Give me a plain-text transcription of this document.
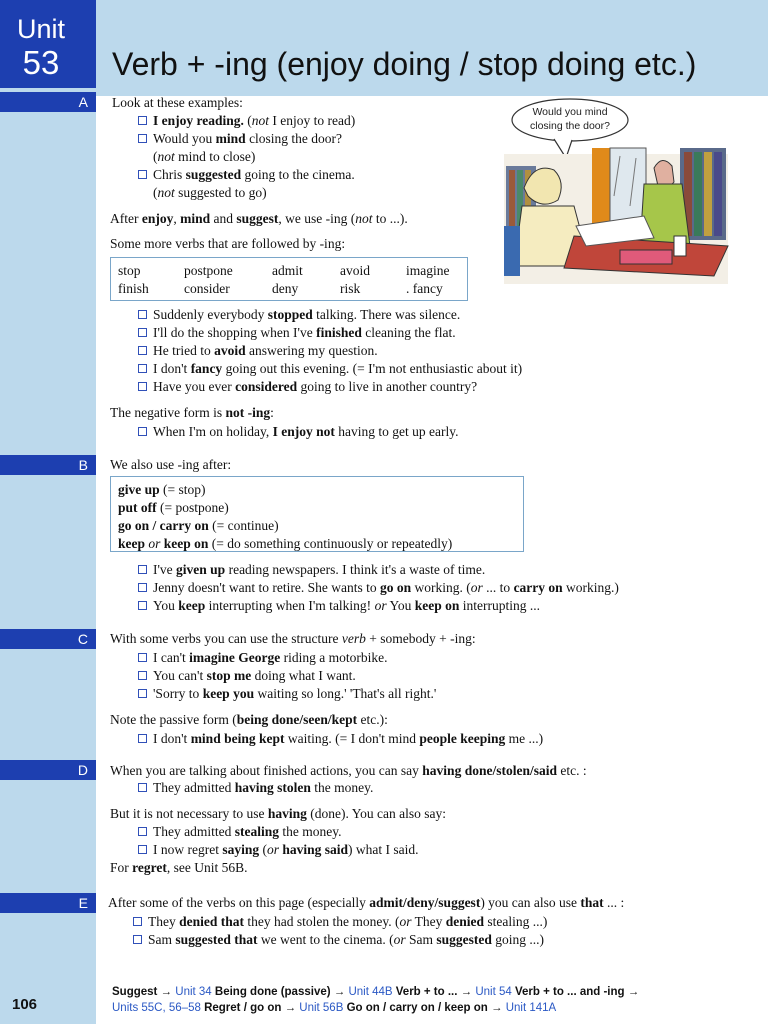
Unit
53	Verb + -ing (enjoy doing / stop doing etc.)
Would you mind
closing the door?
A	Look at these examples:
I enjoy reading. (not I enjoy to read)
Would you mind closing the door?
(not mind to close)
Chris suggested going to the cinema.
(not suggested to go)
After enjoy, mind and suggest, we use -ing (not to ...).
Some more verbs that are followed by -ing:
stop	postpone	admit	avoid	imagine
finish	consider	deny	risk	. fancy
Suddenly everybody stopped talking. There was silence.
I'll do the shopping when I've finished cleaning the flat.
He tried to avoid answering my question.
I don't fancy going out this evening. (= I'm not enthusiastic about it)
Have you ever considered going to live in another country?
The negative form is not -ing:
When I'm on holiday, I enjoy not having to get up early.
B	We also use -ing after:
give up (= stop)
put off (= postpone)
go on / carry on (= continue)
keep or keep on (= do something continuously or repeatedly)
I've given up reading newspapers. I think it's a waste of time.
Jenny doesn't want to retire. She wants to go on working. (or ... to carry on working.)
You keep interrupting when I'm talking! or You keep on interrupting ...
C	With some verbs you can use the structure verb + somebody + -ing:
I can't imagine George riding a motorbike.
You can't stop me doing what I want.
'Sorry to keep you waiting so long.' 'That's all right.'
Note the passive form (being done/seen/kept etc.):
I don't mind being kept waiting. (= I don't mind people keeping me ...)
D	When you are talking about finished actions, you can say having done/stolen/said etc. :
They admitted having stolen the money.
But it is not necessary to use having (done). You can also say:
They admitted stealing the money.
I now regret saying (or having said) what I said.
For regret, see Unit 56B.
E	After some of the verbs on this page (especially admit/deny/suggest) you can also use that ... :
They denied that they had stolen the money. (or They denied stealing ...)
Sam suggested that we went to the cinema. (or Sam suggested going ...)
Suggest → Unit 34 Being done (passive) → Unit 44B Verb + to ... → Unit 54 Verb + to ... and -ing →
Units 55C, 56–58 Regret / go on → Unit 56B Go on / carry on / keep on → Unit 141A
106
